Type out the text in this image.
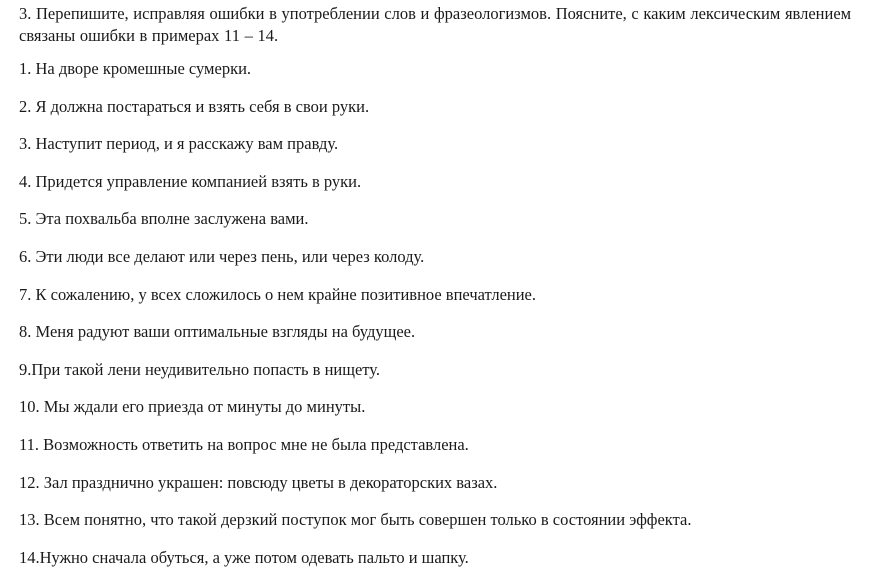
3. Перепишите, исправляя ошибки в употреблении слов и фразеологизмов. Поясните, с каким лексическим явлением связаны ошибки в примерах 11 – 14.

1. На дворе кромешные сумерки.
2. Я должна постараться и взять себя в свои руки.
3. Наступит период, и я расскажу вам правду.
4. Придется управление компанией взять в руки.
5. Эта похвальба вполне заслужена вами.
6. Эти люди все делают или через пень, или через колоду.
7. К сожалению, у всех сложилось о нем крайне позитивное впечатление.
8. Меня радуют ваши оптимальные взгляды на будущее.
9.При такой лени неудивительно попасть в нищету.
10. Мы ждали его приезда от минуты до минуты.
11. Возможность ответить на вопрос мне не была представлена.
12. Зал празднично украшен: повсюду цветы в декораторских вазах.
13. Всем понятно, что такой дерзкий поступок мог быть совершен только в состоянии эффекта.
14.Нужно сначала обуться, а уже потом одевать пальто и шапку.
